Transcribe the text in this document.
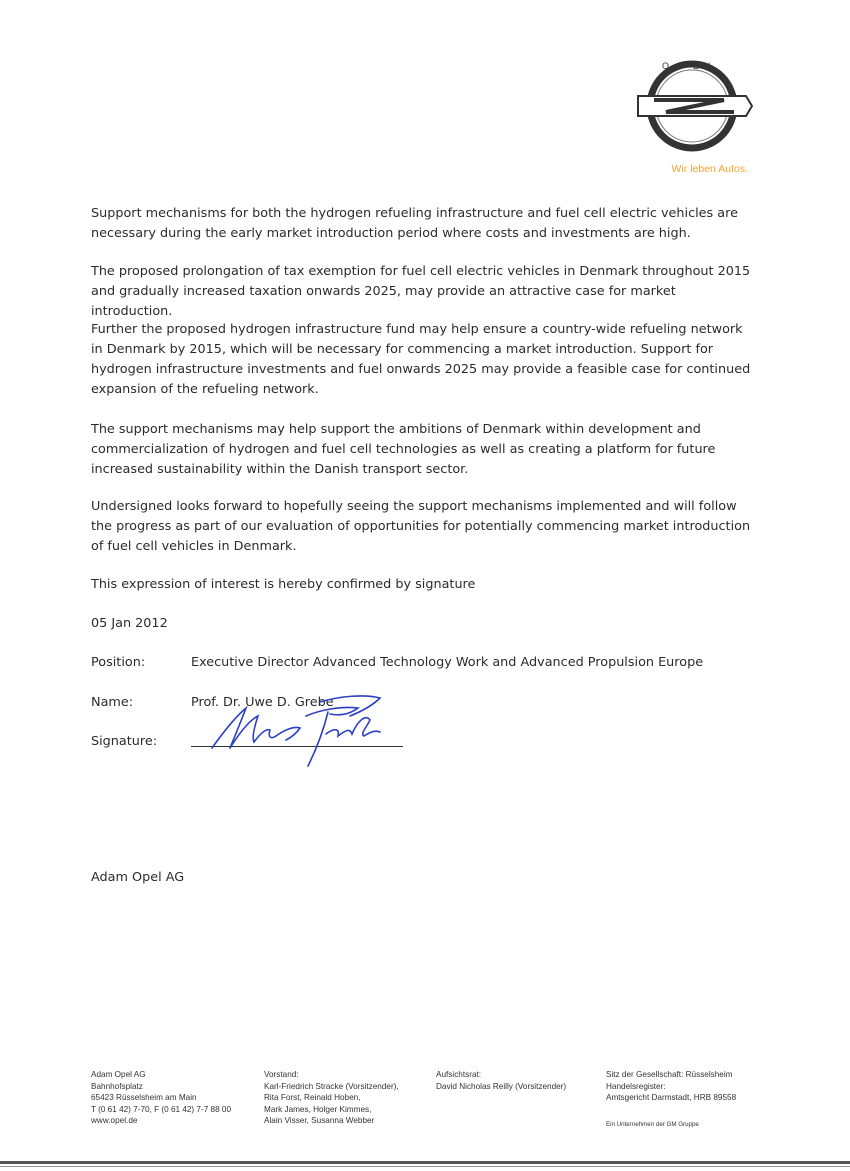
OPEL
Wir leben Autos.

Support mechanisms for both the hydrogen refueling infrastructure and fuel cell electric vehicles are necessary during the early market introduction period where costs and investments are high.

The proposed prolongation of tax exemption for fuel cell electric vehicles in Denmark throughout 2015 and gradually increased taxation onwards 2025, may provide an attractive case for market introduction.

Further the proposed hydrogen infrastructure fund may help ensure a country-wide refueling network in Denmark by 2015, which will be necessary for commencing a market introduction. Support for hydrogen infrastructure investments and fuel onwards 2025 may provide a feasible case for continued expansion of the refueling network.

The support mechanisms may help support the ambitions of Denmark within development and commercialization of hydrogen and fuel cell technologies as well as creating a platform for future increased sustainability within the Danish transport sector.

Undersigned looks forward to hopefully seeing the support mechanisms implemented and will follow the progress as part of our evaluation of opportunities for potentially commencing market introduction of fuel cell vehicles in Denmark.

This expression of interest is hereby confirmed by signature

05 Jan 2012
Position:	Executive Director Advanced Technology Work and Advanced Propulsion Europe
Name:	Prof. Dr. Uwe D. Grebe
Signature:
Adam Opel AG
Adam Opel AG
Bahnhofsplatz
65423 Rüsselsheim am Main
T (0 61 42) 7-70, F (0 61 42) 7-7 88 00
www.opel.de
Vorstand:
Karl-Friedrich Stracke (Vorsitzender),
Rita Forst, Reinald Hoben,
Mark James, Holger Kimmes,
Alain Visser, Susanna Webber
Aufsichtsrat:
David Nicholas Reilly (Vorsitzender)
Sitz der Gesellschaft: Rüsselsheim
Handelsregister:
Amtsgericht Darmstadt, HRB 89558
Ein Unternehmen der GM Gruppe
